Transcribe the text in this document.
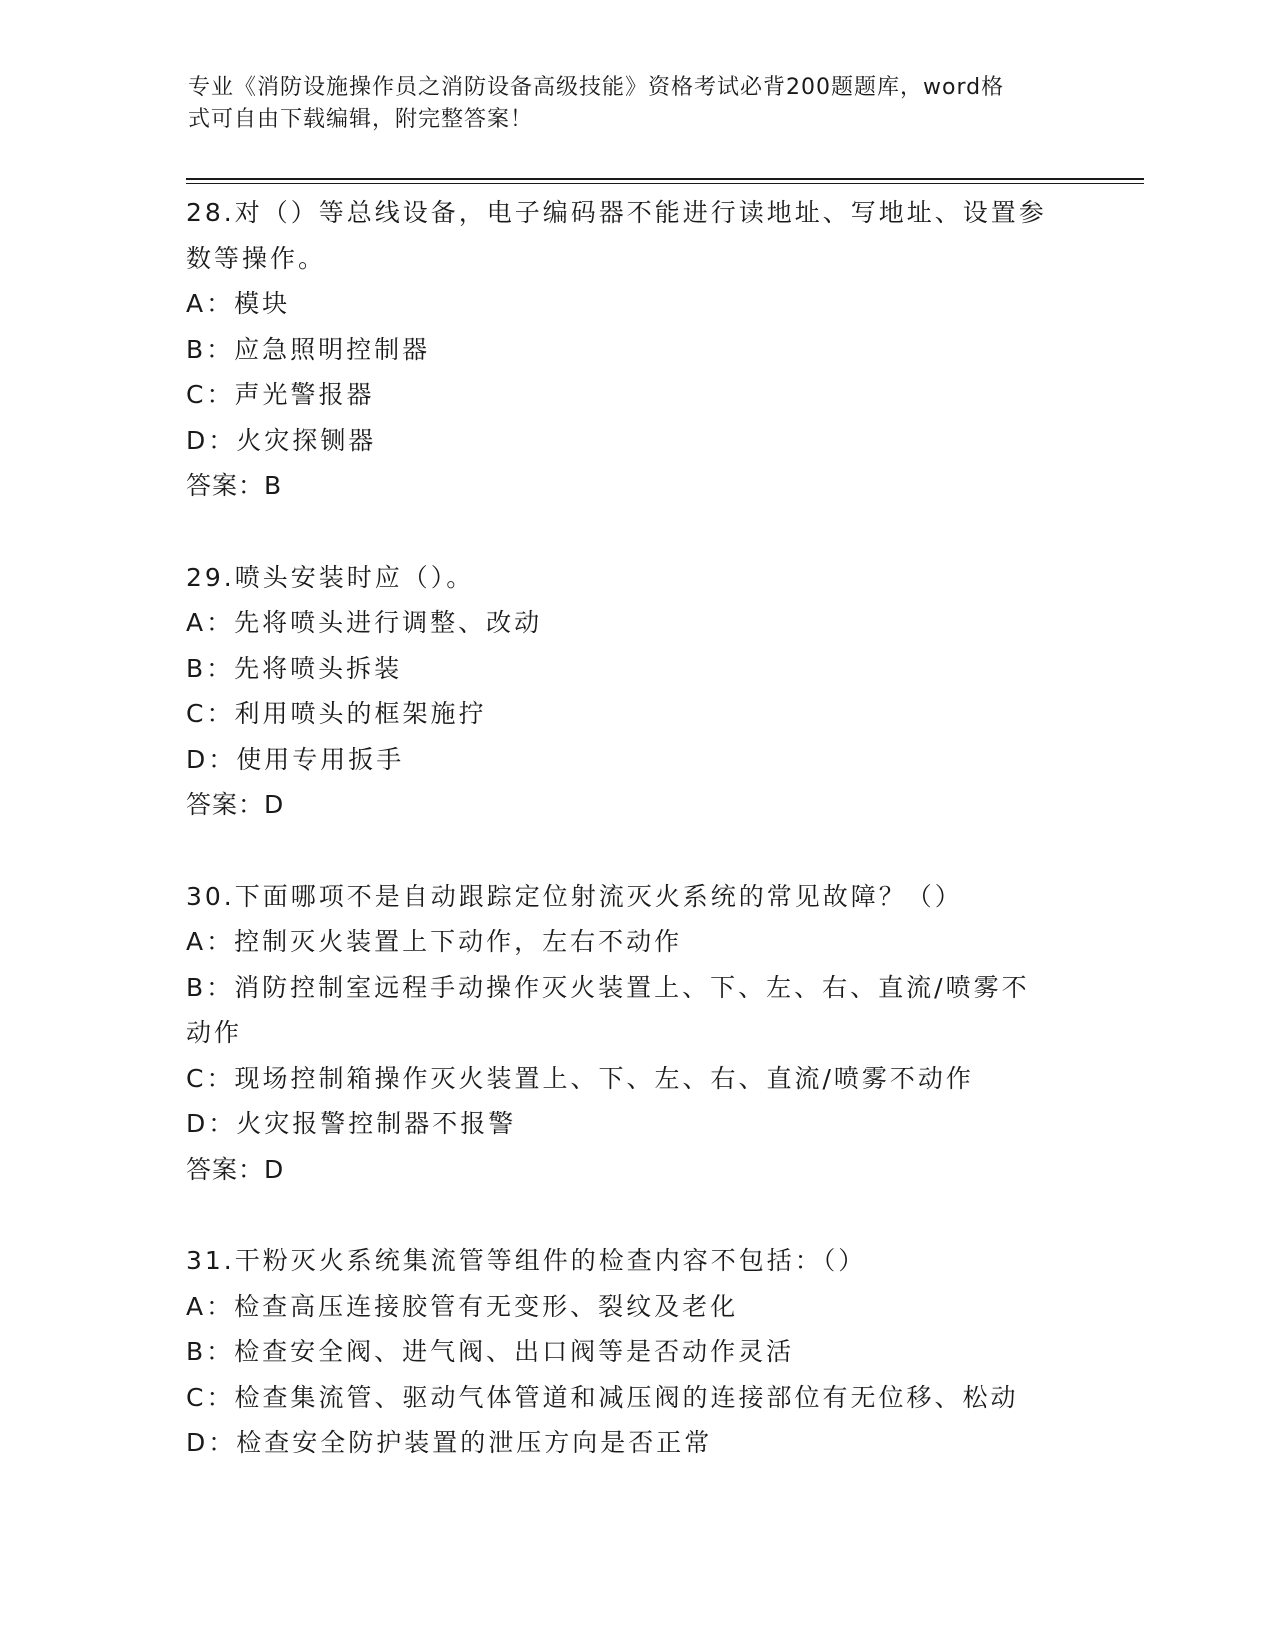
专业《消防设施操作员之消防设备高级技能》资格考试必背200题题库，word格
式可自由下载编辑，附完整答案！
28.对（）等总线设备，电子编码器不能进行读地址、写地址、设置参
数等操作。
A：模块
B：应急照明控制器
C：声光警报器
D：火灾探铡器
答案：B
29.喷头安装时应（）。
A：先将喷头进行调整、改动
B：先将喷头拆装
C：利用喷头的框架施拧
D：使用专用扳手
答案：D
30.下面哪项不是自动跟踪定位射流灭火系统的常见故障？（）
A：控制灭火装置上下动作，左右不动作
B：消防控制室远程手动操作灭火装置上、下、左、右、直流/喷雾不
动作
C：现场控制箱操作灭火装置上、下、左、右、直流/喷雾不动作
D：火灾报警控制器不报警
答案：D
31.干粉灭火系统集流管等组件的检查内容不包括：（）
A：检查高压连接胶管有无变形、裂纹及老化
B：检查安全阀、进气阀、出口阀等是否动作灵活
C：检查集流管、驱动气体管道和减压阀的连接部位有无位移、松动
D：检查安全防护装置的泄压方向是否正常
